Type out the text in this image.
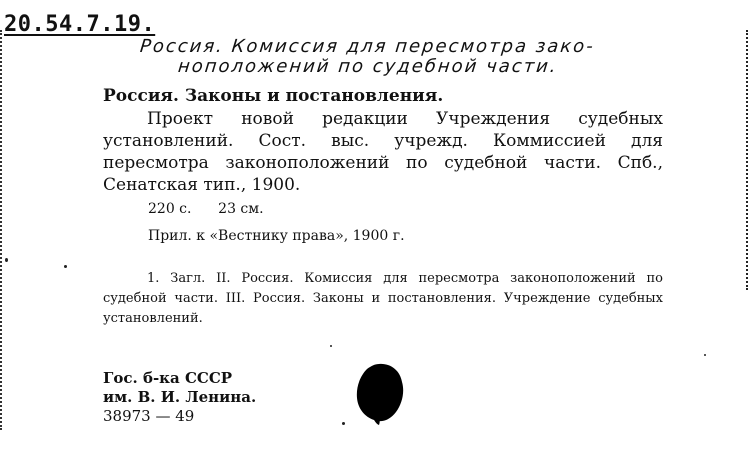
20.54.7.19.
Россия. Комиссия для пересмотра зако-
ноположений по судебной части.
Россия. Законы и постановления.
Проект новой редакции Учреждения судебных установлений. Сост. выс. учрежд. Коммиссией для пересмотра законоположений по судебной части. Спб., Сенатская тип., 1900.
220 с.      23 см.
Прил. к «Вестнику права», 1900 г.
1. Загл. II. Россия. Комиссия для пересмотра законоположений по судебной части. III. Россия. Законы и постановления. Учреждение судебных установлений.
Гос. б-ка СССР
им. В. И. Ленина.
38973 — 49
